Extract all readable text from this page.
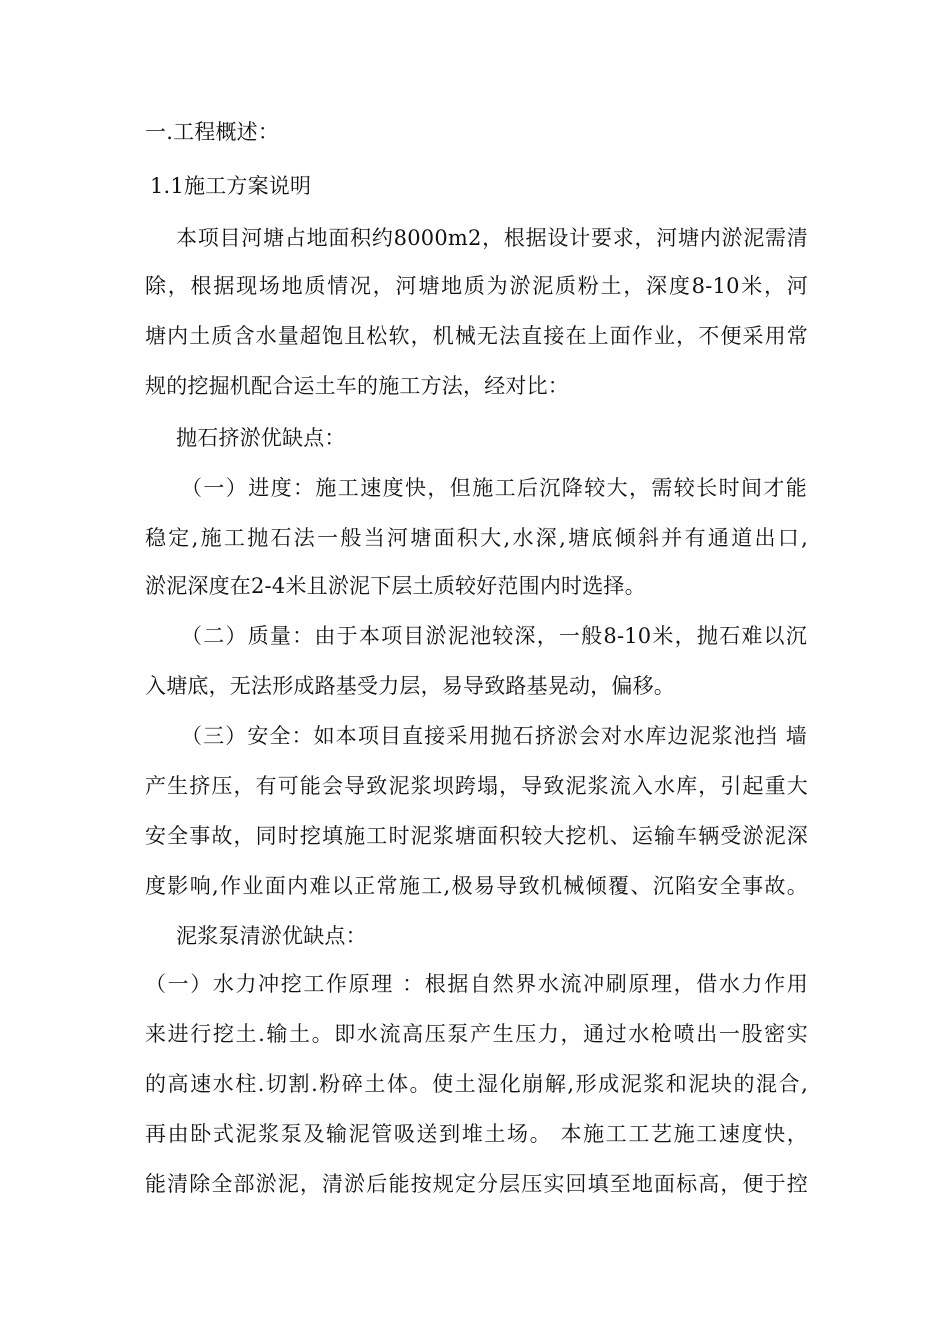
一.工程概述：
1.1施工方案说明
本项目河塘占地面积约8000m2，根据设计要求，河塘内淤泥需清
除，根据现场地质情况，河塘地质为淤泥质粉土，深度8-10米，河
塘内土质含水量超饱且松软，机械无法直接在上面作业，不便采用常
规的挖掘机配合运土车的施工方法，经对比：
抛石挤淤优缺点：
（一）进度：施工速度快，但施工后沉降较大，需较长时间才能
稳定,施工抛石法一般当河塘面积大,水深,塘底倾斜并有通道出口,
淤泥深度在2-4米且淤泥下层土质较好范围内时选择。
（二）质量：由于本项目淤泥池较深，一般8-10米，抛石难以沉
入塘底，无法形成路基受力层，易导致路基晃动，偏移。
（三）安全：如本项目直接采用抛石挤淤会对水库边泥浆池挡 墙
产生挤压，有可能会导致泥浆坝跨塌，导致泥浆流入水库，引起重大
安全事故，同时挖填施工时泥浆塘面积较大挖机、运输车辆受淤泥深
度影响,作业面内难以正常施工,极易导致机械倾覆、沉陷安全事故。
泥浆泵清淤优缺点：
（一）水力冲挖工作原理 ：根据自然界水流冲刷原理，借水力作用
来进行挖土.输土。即水流高压泵产生压力，通过水枪喷出一股密实
的高速水柱.切割.粉碎土体。使土湿化崩解,形成泥浆和泥块的混合,
再由卧式泥浆泵及输泥管吸送到堆土场。 本施工工艺施工速度快，
能清除全部淤泥，清淤后能按规定分层压实回填至地面标高，便于控
